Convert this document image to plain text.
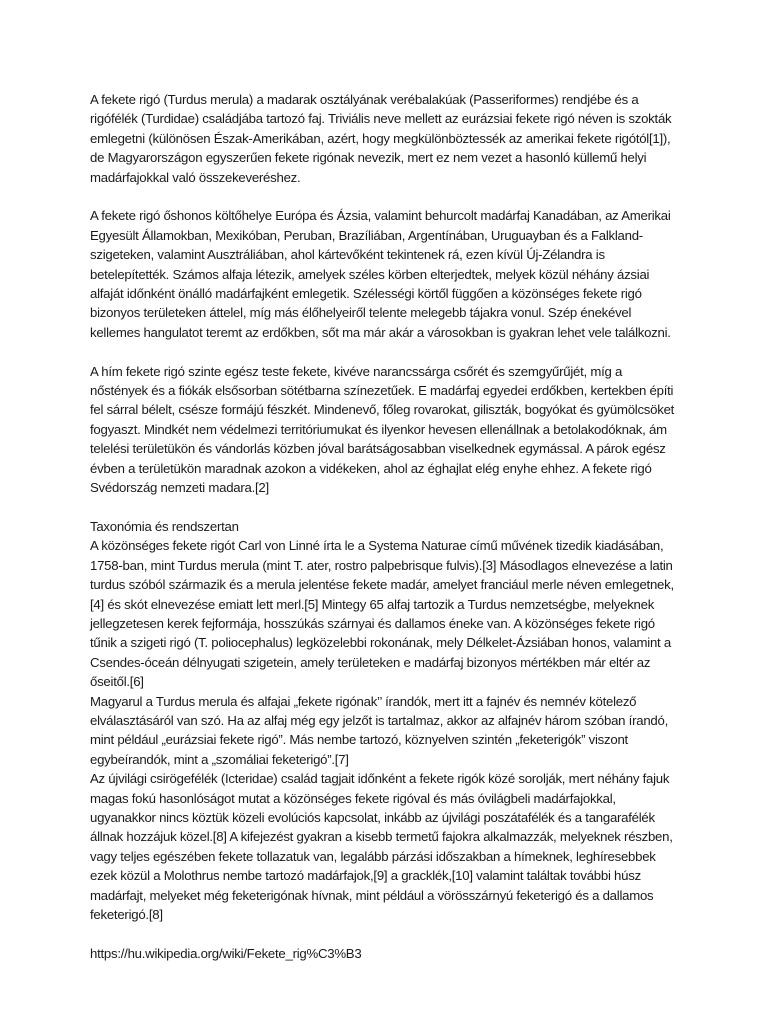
A fekete rigó (Turdus merula) a madarak osztályának verébalakúak (Passeriformes) rendjébe és a rigófélék (Turdidae) családjába tartozó faj. Triviális neve mellett az eurázsiai fekete rigó néven is szokták emlegetni (különösen Észak-Amerikában, azért, hogy megkülönböztessék az amerikai fekete rigótól[1]), de Magyarországon egyszerűen fekete rigónak nevezik, mert ez nem vezet a hasonló küllemű helyi madárfajokkal való összekeveréshez.

A fekete rigó őshonos költőhelye Európa és Ázsia, valamint behurcolt madárfaj Kanadában, az Amerikai Egyesült Államokban, Mexikóban, Peruban, Brazíliában, Argentínában, Uruguayban és a Falkland-szigeteken, valamint Ausztráliában, ahol kártevőként tekintenek rá, ezen kívül Új-Zélandra is betelepítették. Számos alfaja létezik, amelyek széles körben elterjedtek, melyek közül néhány ázsiai alfaját időnként önálló madárfajként emlegetik. Szélességi körtől függően a közönséges fekete rigó bizonyos területeken áttelel, míg más élőhelyeiről telente melegebb tájakra vonul. Szép énekével kellemes hangulatot teremt az erdőkben, sőt ma már akár a városokban is gyakran lehet vele találkozni.

A hím fekete rigó szinte egész teste fekete, kivéve narancssárga csőrét és szemgyűrűjét, míg a nőstények és a fiókák elsősorban sötétbarna színezetűek. E madárfaj egyedei erdőkben, kertekben építi fel sárral bélelt, csésze formájú fészkét. Mindenevő, főleg rovarokat, giliszták, bogyókat és gyümölcsöket fogyaszt. Mindkét nem védelmezi territóriumukat és ilyenkor hevesen ellenállnak a betolakodóknak, ám telelési területükön és vándorlás közben jóval barátságosabban viselkednek egymással. A párok egész évben a területükön maradnak azokon a vidékeken, ahol az éghajlat elég enyhe ehhez. A fekete rigó Svédország nemzeti madara.[2]

Taxonómia és rendszertan

A közönséges fekete rigót Carl von Linné írta le a Systema Naturae című művének tizedik kiadásában, 1758-ban, mint Turdus merula (mint T. ater, rostro palpebrisque fulvis).[3] Másodlagos elnevezése a latin turdus szóból származik és a merula jelentése fekete madár, amelyet franciául merle néven emlegetnek,[4] és skót elnevezése emiatt lett merl.[5] Mintegy 65 alfaj tartozik a Turdus nemzetségbe, melyeknek jellegzetesen kerek fejformája, hosszúkás szárnyai és dallamos éneke van. A közönséges fekete rigó tűnik a szigeti rigó (T. poliocephalus) legközelebbi rokonának, mely Délkelet-Ázsiában honos, valamint a Csendes-óceán délnyugati szigetein, amely területeken e madárfaj bizonyos mértékben már eltér az őseitől.[6]

Magyarul a Turdus merula és alfajai „fekete rigónak’’ írandók, mert itt a fajnév és nemnév kötelező elválasztásáról van szó. Ha az alfaj még egy jelzőt is tartalmaz, akkor az alfajnév három szóban írandó, mint például „eurázsiai fekete rigó”. Más nembe tartozó, köznyelven szintén „feketerigók” viszont egybeírandók, mint a „szomáliai feketerigó”.[7]

Az újvilági csirögefélék (Icteridae) család tagjait időnként a fekete rigók közé sorolják, mert néhány fajuk magas fokú hasonlóságot mutat a közönséges fekete rigóval és más óvilágbeli madárfajokkal, ugyanakkor nincs köztük közeli evolúciós kapcsolat, inkább az újvilági poszátafélék és a tangarafélék állnak hozzájuk közel.[8] A kifejezést gyakran a kisebb termetű fajokra alkalmazzák, melyeknek részben, vagy teljes egészében fekete tollazatuk van, legalább párzási időszakban a hímeknek, leghíresebbek ezek közül a Molothrus nembe tartozó madárfajok,[9] a gracklék,[10] valamint találtak további húsz madárfajt, melyeket még feketerigónak hívnak, mint például a vörösszárnyú feketerigó és a dallamos feketerigó.[8]

https://hu.wikipedia.org/wiki/Fekete_rig%C3%B3
